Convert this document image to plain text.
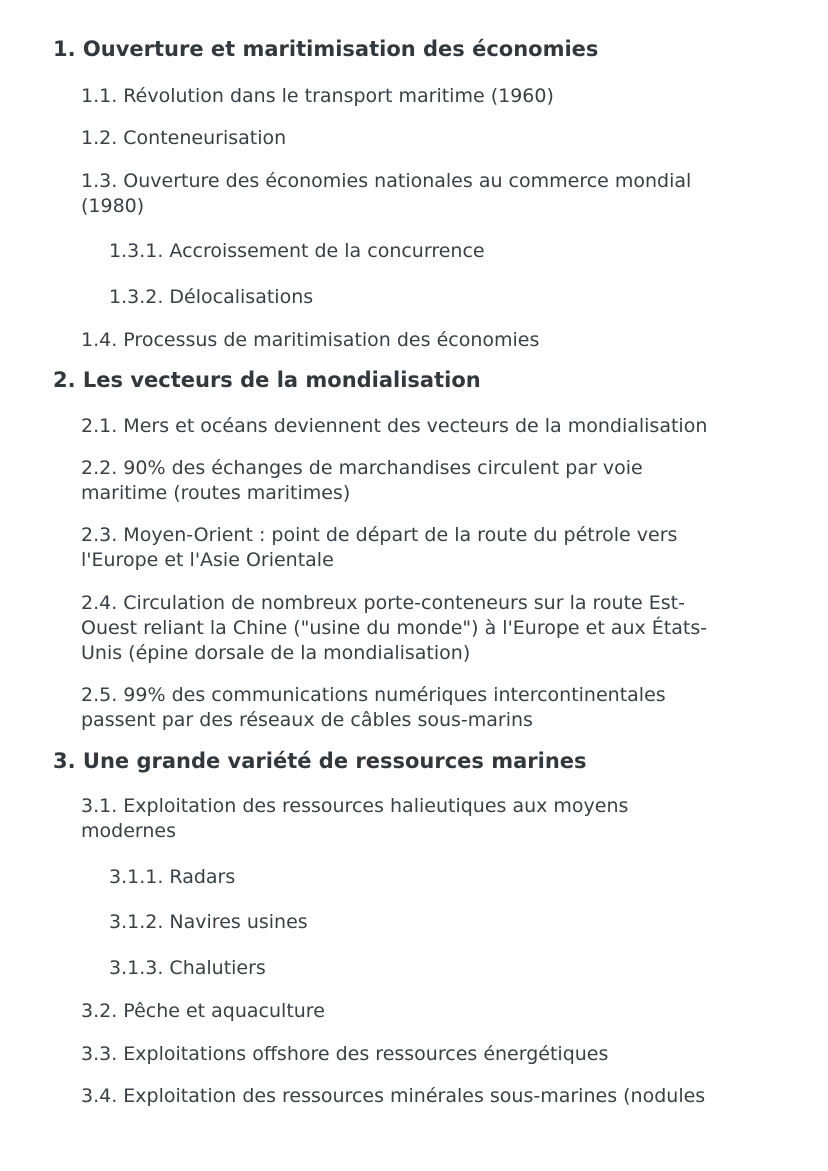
1. Ouverture et maritimisation des économies

1.1. Révolution dans le transport maritime (1960)

1.2. Conteneurisation

1.3. Ouverture des économies nationales au commerce mondial

(1980)

1.3.1. Accroissement de la concurrence

1.3.2. Délocalisations

1.4. Processus de maritimisation des économies

2. Les vecteurs de la mondialisation

2.1. Mers et océans deviennent des vecteurs de la mondialisation

2.2. 90% des échanges de marchandises circulent par voie

maritime (routes maritimes)

2.3. Moyen-Orient : point de départ de la route du pétrole vers

l'Europe et l'Asie Orientale

2.4. Circulation de nombreux porte-conteneurs sur la route Est-

Ouest reliant la Chine ("usine du monde") à l'Europe et aux États-

Unis (épine dorsale de la mondialisation)

2.5. 99% des communications numériques intercontinentales

passent par des réseaux de câbles sous-marins

3. Une grande variété de ressources marines

3.1. Exploitation des ressources halieutiques aux moyens

modernes

3.1.1. Radars

3.1.2. Navires usines

3.1.3. Chalutiers

3.2. Pêche et aquaculture

3.3. Exploitations offshore des ressources énergétiques

3.4. Exploitation des ressources minérales sous-marines (nodules
